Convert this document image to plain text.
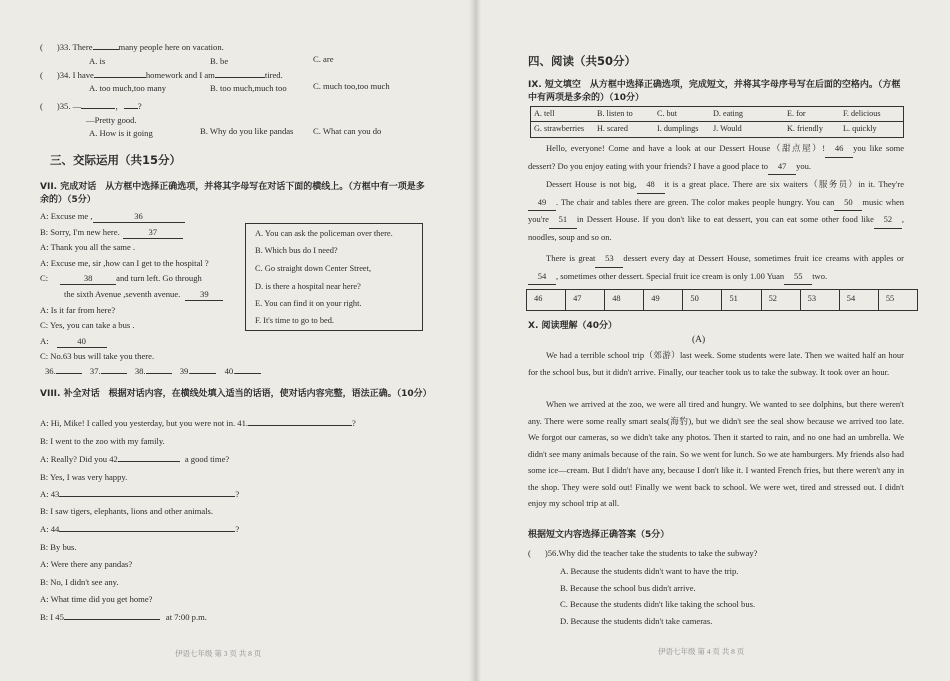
( )33. There	many people here on vacation.
A. is	B. be	C. are
( )34. I have	homework and I am	tired.
A. too much,too many	B. too much,much too	C. much too,too much
( )35. —	， ?
—Pretty good.
A. How is it going	B. Why do you like pandas C. What can you do
三、交际运用（共15分）
VII. 完成对话　从方框中选择正确选项，并将其字母写在对话下面的横线上。（方框中有一项是多余的）（5分）
A: Excuse me ,	36
B: Sorry, I'm new here.	37
A: Thank you all the same .
A: Excuse me, sir ,how can I get to the hospital ?
C:	38	and turn left. Go through
the sixth Avenue ,seventh avenue. 39
A: Is it far from here?
C: Yes, you can take a bus .
A:	40
C: No.63 bus will take you there.
36.	37.	38.	39.	40.
A. You can ask the policeman over there.
B. Which bus do I need?
C. Go straight down Center Street,
D. is there a hospital near here?
E. You can find it on your right.
F. It's time to go to bed.
VIII. 补全对话　根据对话内容，在横线处填入适当的话语，使对话内容完整，语法正确。（10分）
A: Hi, Mike! I called you yesterday, but you were not in. 41.	?
B: I went to the zoo with my family.
A: Really? Did you 42	a good time?
B: Yes, I was very happy.
A: 43	?
B: I saw tigers, elephants, lions and other animals.
A: 44	?
B: By bus.
A: Were there any pandas?
B: No, I didn't see any.
A: What time did you get home?
B: I 45	at 7:00 p.m.
伊语七年级 第 3 页 共 8 页
四、阅读（共50分）
IX. 短文填空　从方框中选择正确选项，完成短文，并将其字母序号写在后面的空格内。（方框中有两项是多余的）（10分）
A. tell	B. listen to	C. but	D. eating	E. for	F. delicious
G. strawberries H. scared	I. dumplings J. Would	K. friendly L. quickly
Hello, everyone! Come and have a look at our Dessert House（甜点屋）! 46 you like some dessert? Do you enjoy eating with your friends? I have a good place to 47 you.
Dessert House is not big, 48 it is a great place. There are six waiters（服务员）in it. They're49 . The chair and tables there are green. The color makes people hungry. You can 50 music when you're 51 in Dessert House. If you don't like to eat dessert, you can eat some other food like 52 , noodles, soup and so on.
There is great 53 dessert every day at Dessert House, sometimes fruit ice creams with apples or54 , sometimes other dessert. Special fruit ice cream is only 1.00 Yuan 55 two.
46	47	48	49	50	51	52	53	54	55
X. 阅读理解（40分）
(A)
We had a terrible school trip（郊游）last week. Some students were late. Then we waited half an hour for the school bus, but it didn't arrive. Finally, our teacher took us to take the subway. It took over an hour.
When we arrived at the zoo, we were all tired and hungry. We wanted to see dolphins, but there weren't any. There were some really smart seals(海豹), but we didn't see the seal show because we arrived too late. We forgot our cameras, so we didn't take any photos. Then it started to rain, and no one had an umbrella. We didn't see many animals because of the rain. So we went for lunch. So we ate hamburgers. My friends also had some ice—cream. But I didn't have any, because I don't like it. I wanted French fries, but there weren't any in the shop. They were sold out! Finally we went back to school. We were wet, tired and stressed out. I didn't enjoy my school trip at all.
根据短文内容选择正确答案（5分）
( )56.Why did the teacher take the students to take the subway?
A. Because the students didn't want to have the trip.
B. Because the school bus didn't arrive.
C. Because the students didn't like taking the school bus.
D. Because the students didn't take cameras.
伊语七年级 第 4 页 共 8 页
